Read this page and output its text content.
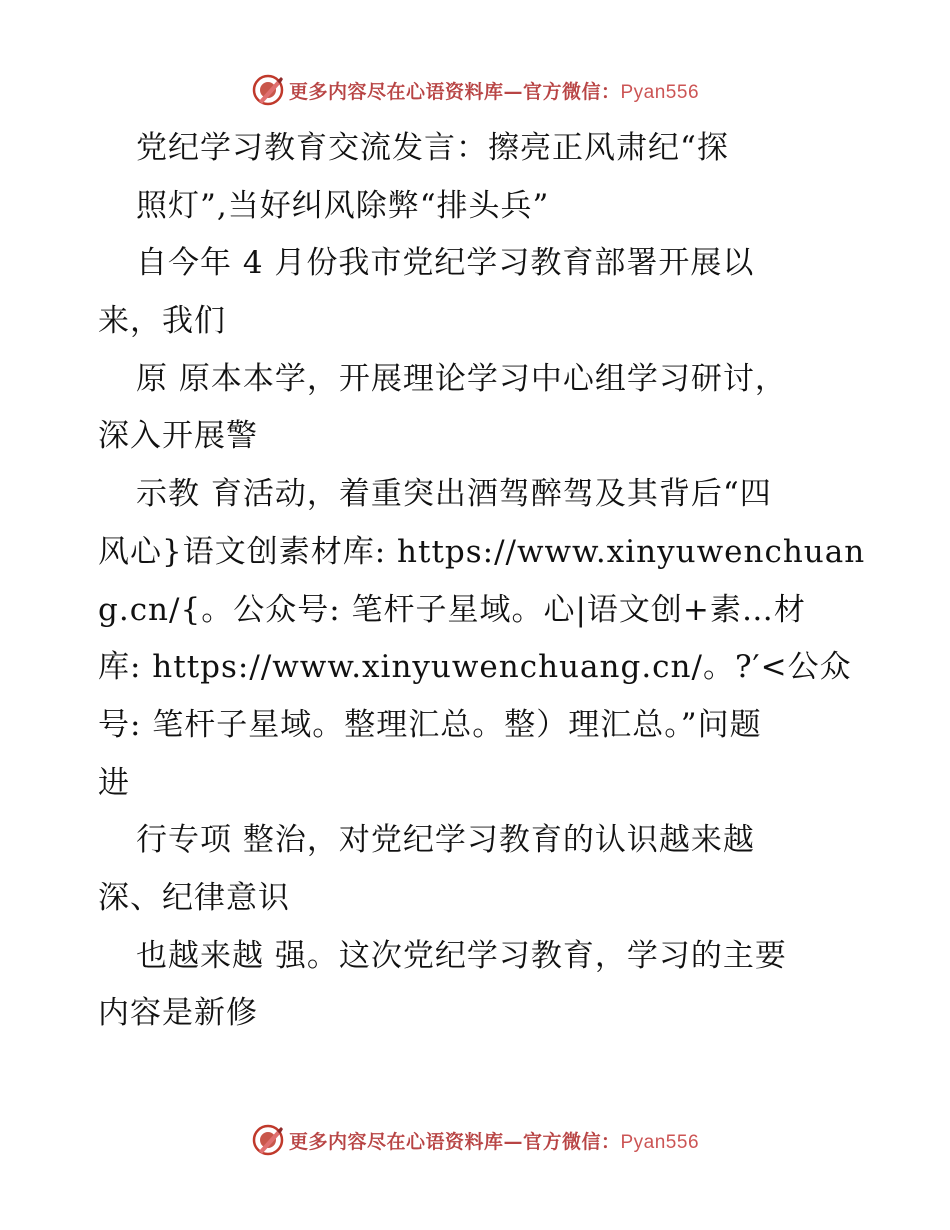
更多内容尽在心语资料库—官方微信：Pyan556
党纪学习教育交流发言：擦亮正风肃纪“探
照灯”,当好纠风除弊“排头兵”
自今年 4 月份我市党纪学习教育部署开展以
来，我们
原 原本本学，开展理论学习中心组学习研讨，
深入开展警
示教 育活动，着重突出酒驾醉驾及其背后“四
风心}语文创素材库: https://www.xinyuwenchuan
g.cn/{。公众号: 笔杆子星域。心|语文创+素…材
库: https://www.xinyuwenchuang.cn/。?′<公众
号: 笔杆子星域。整理汇总。整）理汇总。”问题
进
行专项 整治，对党纪学习教育的认识越来越
深、纪律意识
也越来越 强。这次党纪学习教育，学习的主要
内容是新修
更多内容尽在心语资料库—官方微信：Pyan556
